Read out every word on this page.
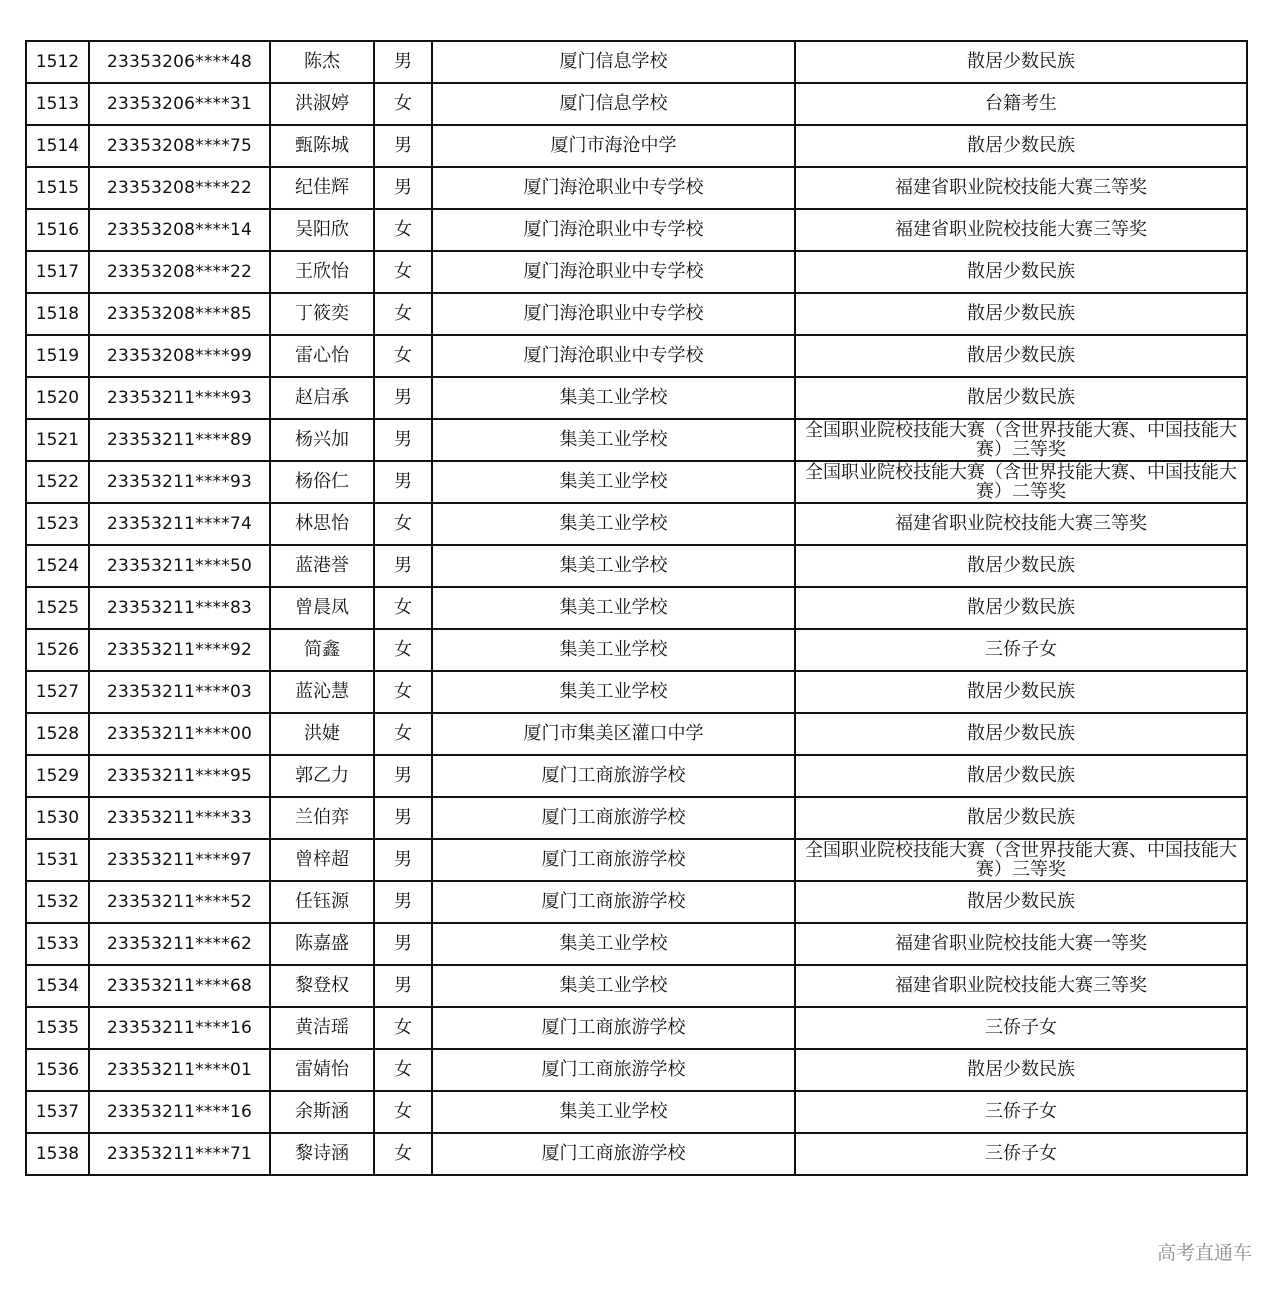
1512	23353206****48	陈杰	男	厦门信息学校	散居少数民族
1513	23353206****31	洪淑婷	女	厦门信息学校	台籍考生
1514	23353208****75	甄陈城	男	厦门市海沧中学	散居少数民族
1515	23353208****22	纪佳辉	男	厦门海沧职业中专学校	福建省职业院校技能大赛三等奖
1516	23353208****14	吴阳欣	女	厦门海沧职业中专学校	福建省职业院校技能大赛三等奖
1517	23353208****22	王欣怡	女	厦门海沧职业中专学校	散居少数民族
1518	23353208****85	丁筱奕	女	厦门海沧职业中专学校	散居少数民族
1519	23353208****99	雷心怡	女	厦门海沧职业中专学校	散居少数民族
1520	23353211****93	赵启承	男	集美工业学校	散居少数民族
1521	23353211****89	杨兴加	男	集美工业学校	全国职业院校技能大赛（含世界技能大赛、中国技能大赛）三等奖
1522	23353211****93	杨俗仁	男	集美工业学校	全国职业院校技能大赛（含世界技能大赛、中国技能大赛）二等奖
1523	23353211****74	林思怡	女	集美工业学校	福建省职业院校技能大赛三等奖
1524	23353211****50	蓝港誉	男	集美工业学校	散居少数民族
1525	23353211****83	曾晨凤	女	集美工业学校	散居少数民族
1526	23353211****92	简鑫	女	集美工业学校	三侨子女
1527	23353211****03	蓝沁慧	女	集美工业学校	散居少数民族
1528	23353211****00	洪婕	女	厦门市集美区灌口中学	散居少数民族
1529	23353211****95	郭乙力	男	厦门工商旅游学校	散居少数民族
1530	23353211****33	兰伯弈	男	厦门工商旅游学校	散居少数民族
1531	23353211****97	曾梓超	男	厦门工商旅游学校	全国职业院校技能大赛（含世界技能大赛、中国技能大赛）三等奖
1532	23353211****52	任钰源	男	厦门工商旅游学校	散居少数民族
1533	23353211****62	陈嘉盛	男	集美工业学校	福建省职业院校技能大赛一等奖
1534	23353211****68	黎登权	男	集美工业学校	福建省职业院校技能大赛三等奖
1535	23353211****16	黄洁瑶	女	厦门工商旅游学校	三侨子女
1536	23353211****01	雷婧怡	女	厦门工商旅游学校	散居少数民族
1537	23353211****16	余斯涵	女	集美工业学校	三侨子女
1538	23353211****71	黎诗涵	女	厦门工商旅游学校	三侨子女
高考直通车
